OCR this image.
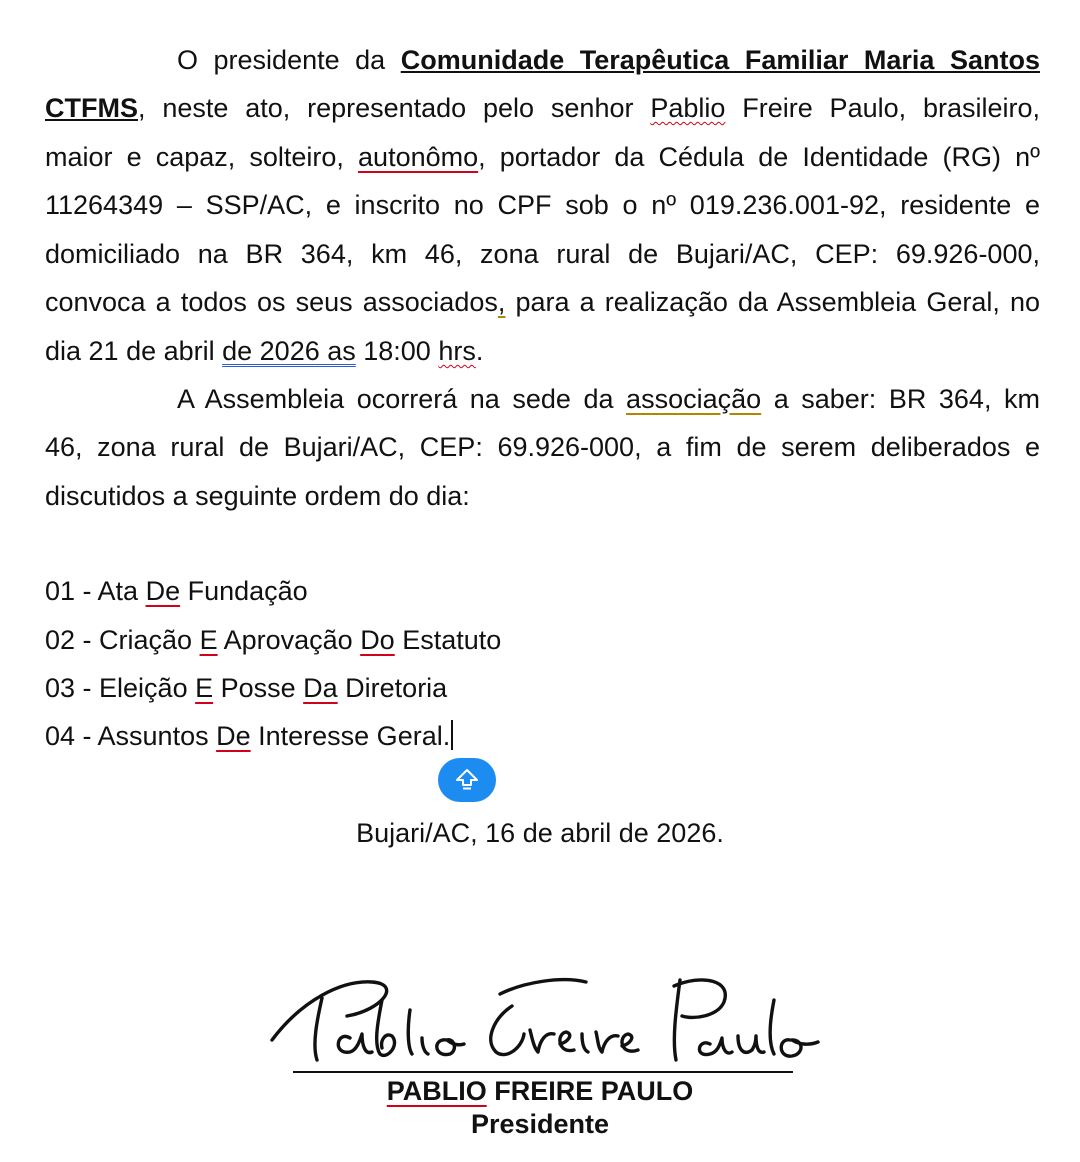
O presidente da Comunidade Terapêutica Familiar Maria Santos
CTFMS, neste ato, representado pelo senhor Pablio Freire Paulo, brasileiro,
maior e capaz, solteiro, autonômo, portador da Cédula de Identidade (RG) nº
11264349 – SSP/AC, e inscrito no CPF sob o nº 019.236.001-92, residente e
domiciliado na BR 364, km 46, zona rural de Bujari/AC, CEP: 69.926-000,
convoca a todos os seus associados, para a realização da Assembleia Geral, no
dia 21 de abril de 2026 as 18:00 hrs.
A Assembleia ocorrerá na sede da associação a saber: BR 364, km
46, zona rural de Bujari/AC, CEP: 69.926-000, a fim de serem deliberados e
discutidos a seguinte ordem do dia:
01 - Ata De Fundação
02 - Criação E Aprovação Do Estatuto
03 - Eleição E Posse Da Diretoria
04 - Assuntos De Interesse Geral.
Bujari/AC, 16 de abril de 2026.
PABLIO FREIRE PAULO
Presidente
